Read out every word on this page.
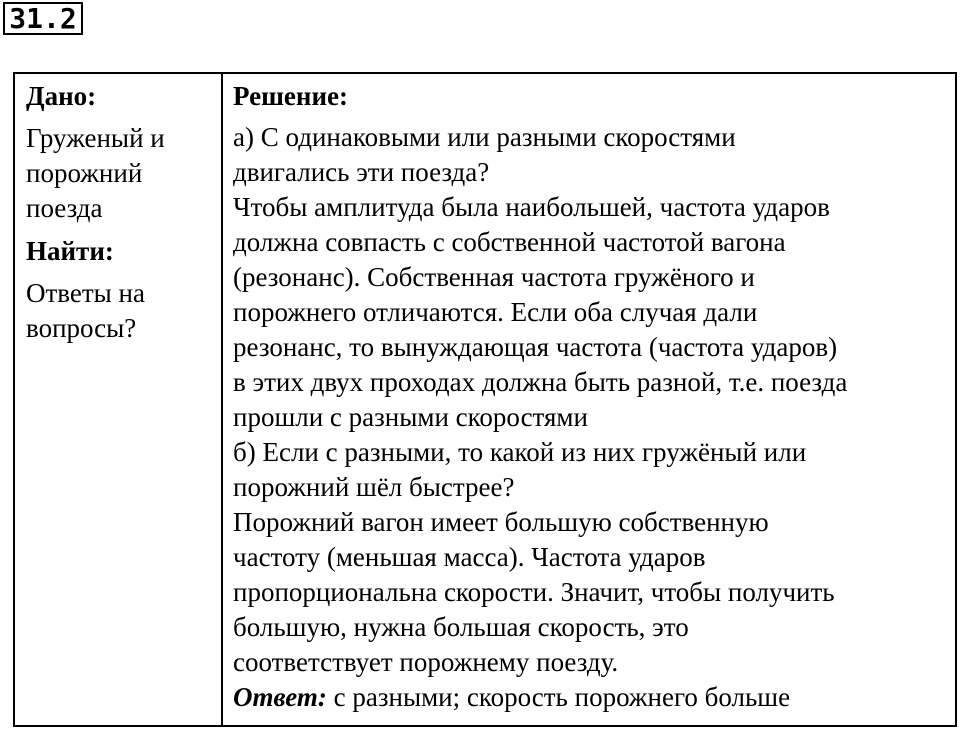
31.2
Дано:
Груженый и
порожний
поезда
Найти:
Ответы на
вопросы?
Решение:
а) С одинаковыми или разными скоростями
двигались эти поезда?
Чтобы амплитуда была наибольшей, частота ударов
должна совпасть с собственной частотой вагона
(резонанс). Собственная частота гружёного и
порожнего отличаются. Если оба случая дали
резонанс, то вынуждающая частота (частота ударов)
в этих двух проходах должна быть разной, т.е. поезда
прошли с разными скоростями
б) Если с разными, то какой из них гружёный или
порожний шёл быстрее?
Порожний вагон имеет большую собственную
частоту (меньшая масса). Частота ударов
пропорциональна скорости. Значит, чтобы получить
большую, нужна большая скорость, это
соответствует порожнему поезду.
Ответ: с разными; скорость порожнего больше
